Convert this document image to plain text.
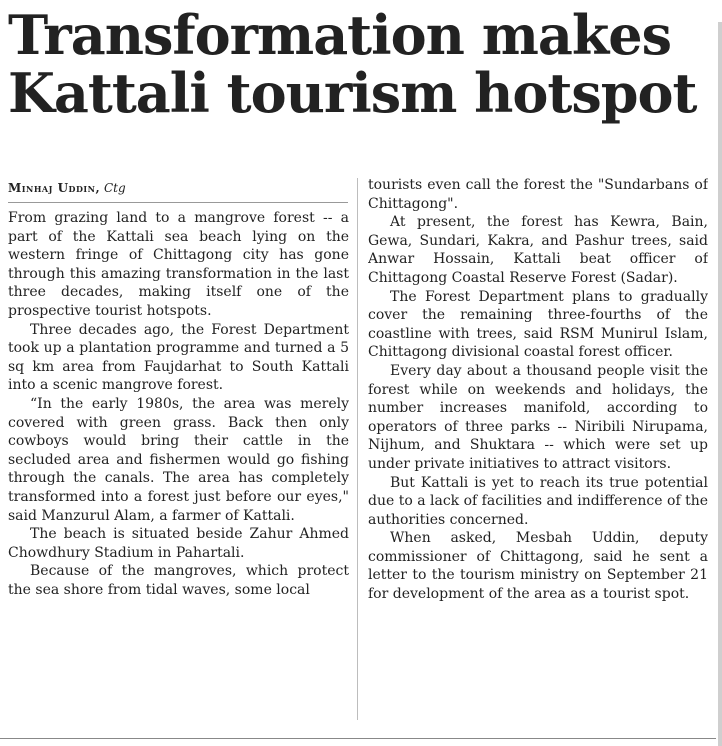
Transformation makes Kattali tourism hotspot
Minhaj Uddin, Ctg

From grazing land to a mangrove forest -- a part of the Kattali sea beach lying on the western fringe of Chittagong city has gone through this amazing transformation in the last three decades, making itself one of the prospective tourist hotspots.

Three decades ago, the Forest Department took up a plantation programme and turned a 5 sq km area from Faujdarhat to South Kattali into a scenic mangrove forest.

“In the early 1980s, the area was merely covered with green grass. Back then only cowboys would bring their cattle in the secluded area and fishermen would go fishing through the canals. The area has completely transformed into a forest just before our eyes," said Manzurul Alam, a farmer of Kattali.

The beach is situated beside Zahur Ahmed Chowdhury Stadium in Pahartali.

Because of the mangroves, which protect the sea shore from tidal waves, some local

tourists even call the forest the "Sundarbans of Chittagong".

At present, the forest has Kewra, Bain, Gewa, Sundari, Kakra, and Pashur trees, said Anwar Hossain, Kattali beat officer of Chittagong Coastal Reserve Forest (Sadar).

The Forest Department plans to gradually cover the remaining three-fourths of the coastline with trees, said RSM Munirul Islam, Chittagong divisional coastal forest officer.

Every day about a thousand people visit the forest while on weekends and holidays, the number increases manifold, according to operators of three parks -- Niribili Nirupama, Nijhum, and Shuktara -- which were set up under private initiatives to attract visitors.

But Kattali is yet to reach its true potential due to a lack of facilities and indifference of the authorities concerned.

When asked, Mesbah Uddin, deputy commissioner of Chittagong, said he sent a letter to the tourism ministry on September 21 for development of the area as a tourist spot.
